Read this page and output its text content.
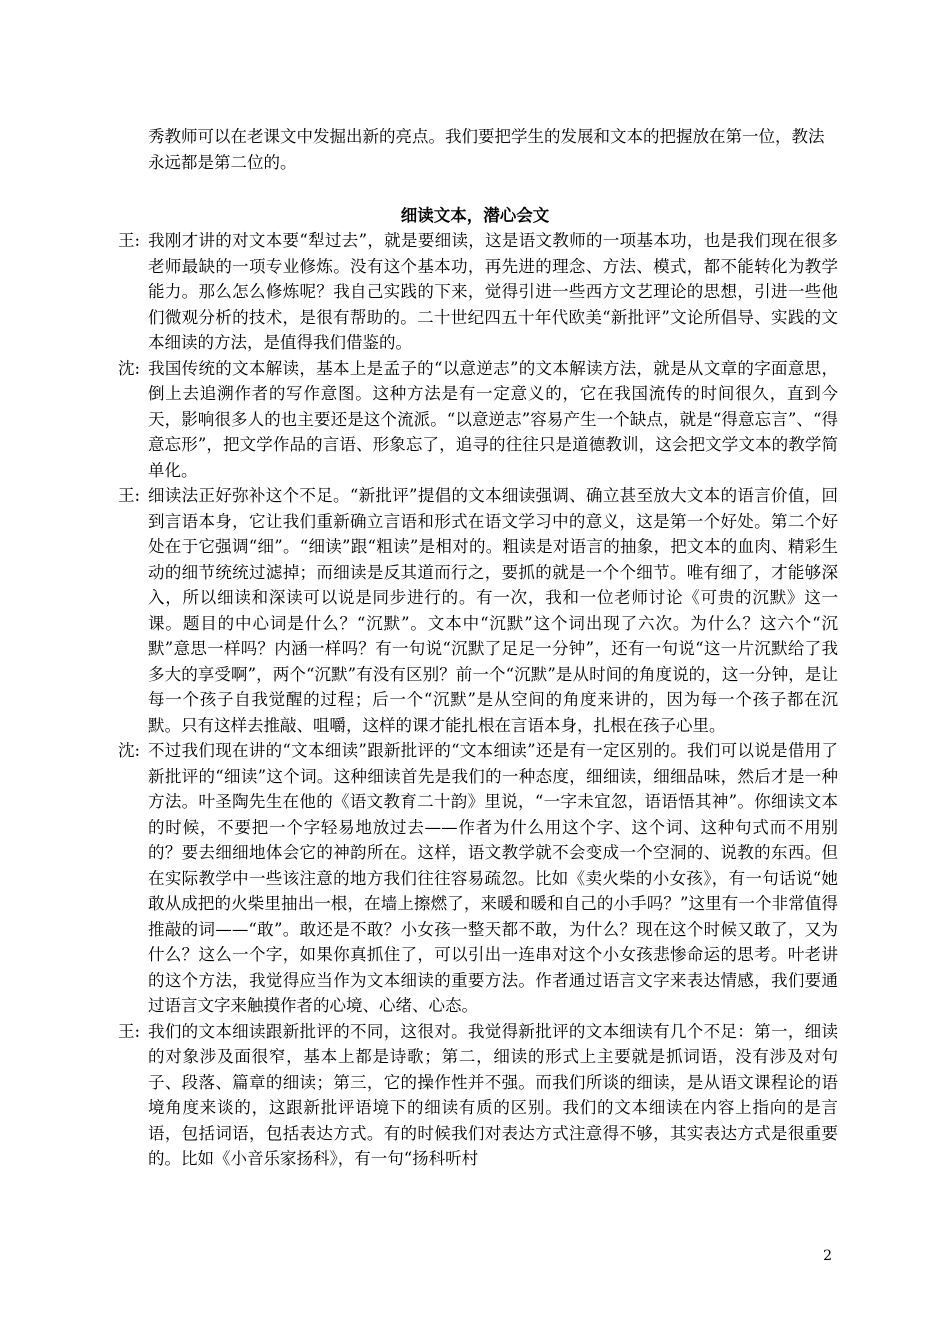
秀教师可以在老课文中发掘出新的亮点。我们要把学生的发展和文本的把握放在第一位，教法永远都是第二位的。
细读文本，潜心会文
王: 我刚才讲的对文本要“犁过去”，就是要细读，这是语文教师的一项基本功，也是我们现在很多老师最缺的一项专业修炼。没有这个基本功，再先进的理念、方法、模式，都不能转化为教学能力。那么怎么修炼呢？我自己实践的下来，觉得引进一些西方文艺理论的思想，引进一些他们微观分析的技术，是很有帮助的。二十世纪四五十年代欧美“新批评”文论所倡导、实践的文本细读的方法，是值得我们借鉴的。
沈: 我国传统的文本解读，基本上是孟子的“以意逆志”的文本解读方法，就是从文章的字面意思，倒上去追溯作者的写作意图。这种方法是有一定意义的，它在我国流传的时间很久，直到今天，影响很多人的也主要还是这个流派。“以意逆志”容易产生一个缺点，就是“得意忘言”、“得意忘形”，把文学作品的言语、形象忘了，追寻的往往只是道德教训，这会把文学文本的教学简单化。
王: 细读法正好弥补这个不足。“新批评”提倡的文本细读强调、确立甚至放大文本的语言价值，回到言语本身，它让我们重新确立言语和形式在语文学习中的意义，这是第一个好处。第二个好处在于它强调“细”。“细读”跟“粗读”是相对的。粗读是对语言的抽象，把文本的血肉、精彩生动的细节统统过滤掉；而细读是反其道而行之，要抓的就是一个个细节。唯有细了，才能够深入，所以细读和深读可以说是同步进行的。有一次，我和一位老师讨论《可贵的沉默》这一课。题目的中心词是什么？“沉默”。文本中“沉默”这个词出现了六次。为什么？这六个“沉默”意思一样吗？内涵一样吗？有一句说“沉默了足足一分钟”，还有一句说“这一片沉默给了我多大的享受啊”，两个“沉默”有没有区别？前一个“沉默”是从时间的角度说的，这一分钟，是让每一个孩子自我觉醒的过程；后一个“沉默”是从空间的角度来讲的，因为每一个孩子都在沉默。只有这样去推敲、咀嚼，这样的课才能扎根在言语本身，扎根在孩子心里。
沈: 不过我们现在讲的“文本细读”跟新批评的“文本细读”还是有一定区别的。我们可以说是借用了新批评的“细读”这个词。这种细读首先是我们的一种态度，细细读，细细品味，然后才是一种方法。叶圣陶先生在他的《语文教育二十韵》里说，“一字未宜忽，语语悟其神”。你细读文本的时候，不要把一个字轻易地放过去——作者为什么用这个字、这个词、这种句式而不用别的？要去细细地体会它的神韵所在。这样，语文教学就不会变成一个空洞的、说教的东西。但在实际教学中一些该注意的地方我们往往容易疏忽。比如《卖火柴的小女孩》，有一句话说“她敢从成把的火柴里抽出一根，在墙上擦燃了，来暖和暖和自己的小手吗？”这里有一个非常值得推敲的词——“敢”。敢还是不敢？小女孩一整天都不敢，为什么？现在这个时候又敢了，又为什么？这么一个字，如果你真抓住了，可以引出一连串对这个小女孩悲惨命运的思考。叶老讲的这个方法，我觉得应当作为文本细读的重要方法。作者通过语言文字来表达情感，我们要通过语言文字来触摸作者的心境、心绪、心态。
王: 我们的文本细读跟新批评的不同，这很对。我觉得新批评的文本细读有几个不足：第一，细读的对象涉及面很窄，基本上都是诗歌；第二，细读的形式上主要就是抓词语，没有涉及对句子、段落、篇章的细读；第三，它的操作性并不强。而我们所谈的细读，是从语文课程论的语境角度来谈的，这跟新批评语境下的细读有质的区别。我们的文本细读在内容上指向的是言语，包括词语，包括表达方式。有的时候我们对表达方式注意得不够，其实表达方式是很重要的。比如《小音乐家扬科》，有一句“扬科听村
2
